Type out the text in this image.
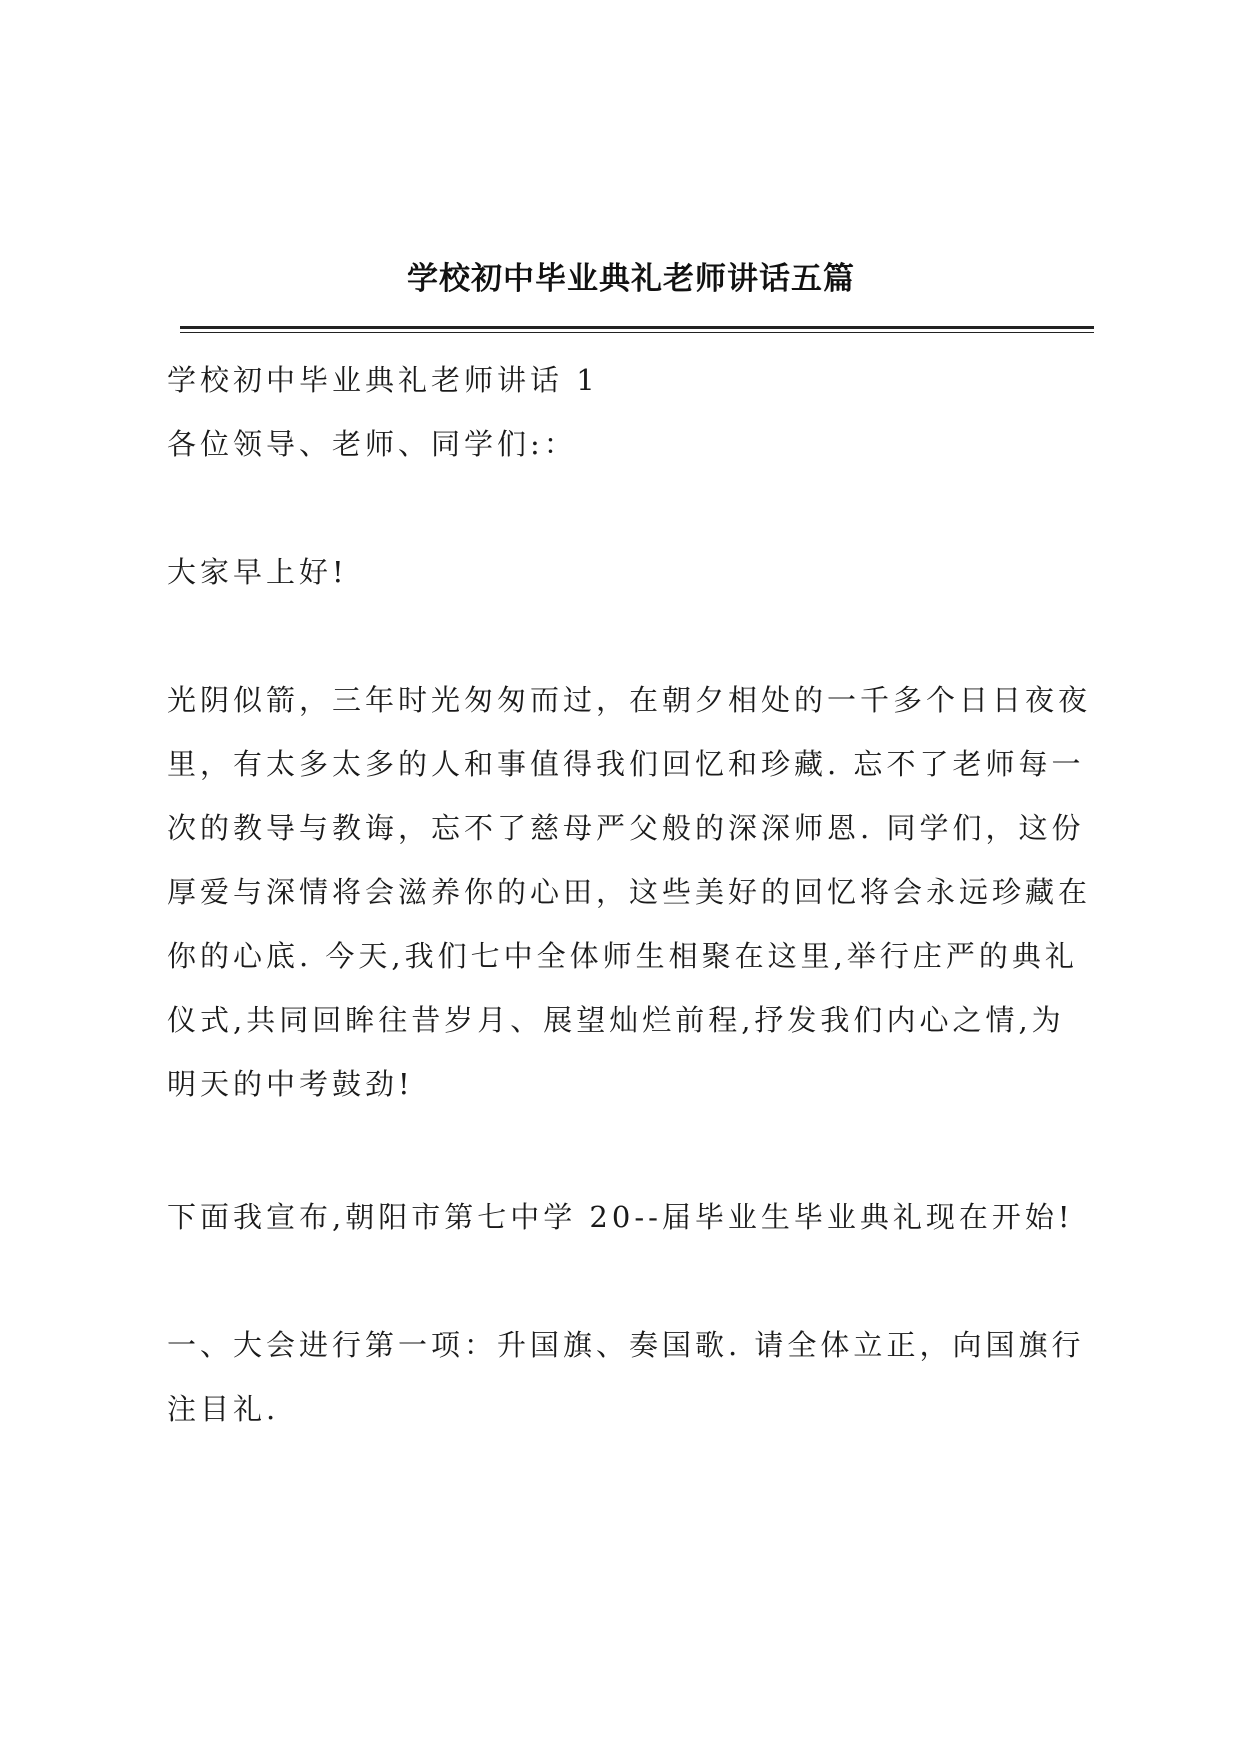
学校初中毕业典礼老师讲话五篇
学校初中毕业典礼老师讲话 1
各位领导、老师、同学们:：
大家早上好!
光阴似箭，三年时光匆匆而过，在朝夕相处的一千多个日日夜夜
里，有太多太多的人和事值得我们回忆和珍藏. 忘不了老师每一
次的教导与教诲，忘不了慈母严父般的深深师恩. 同学们，这份
厚爱与深情将会滋养你的心田，这些美好的回忆将会永远珍藏在
你的心底. 今天,我们七中全体师生相聚在这里,举行庄严的典礼
仪式,共同回眸往昔岁月、展望灿烂前程,抒发我们内心之情,为
明天的中考鼓劲!
下面我宣布,朝阳市第七中学 20--届毕业生毕业典礼现在开始!
一、大会进行第一项：升国旗、奏国歌. 请全体立正，向国旗行
注目礼.
